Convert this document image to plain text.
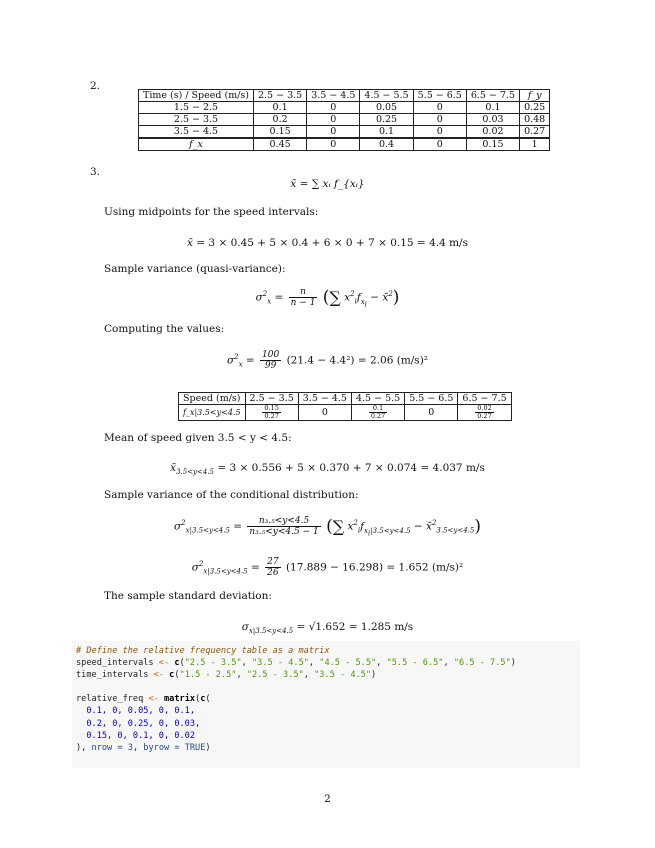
2.
Time (s) / Speed (m/s)	2.5 − 3.5	3.5 − 4.5	4.5 − 5.5	5.5 − 6.5	6.5 − 7.5	f_y
1.5 − 2.5	0.1	0	0.05	0	0.1	0.25
2.5 − 3.5	0.2	0	0.25	0	0.03	0.48
3.5 − 4.5	0.15	0	0.1	0	0.02	0.27
f_x	0.45	0	0.4	0	0.15	1
3.
x̄ = ∑ xᵢ f_{xᵢ}
Using midpoints for the speed intervals:
x̄ = 3 × 0.45 + 5 × 0.4 + 6 × 0 + 7 × 0.15 = 4.4 m/s
Sample variance (quasi-variance):
$\sigma^2_x = \frac{n}{n - 1}$ (∑ $x^2_if_{x_i}$ − x̄$^2$)
Computing the values:
$\sigma^2_x = \frac{100}{99} (21.4 - 4.4^2) = 2.06$ (m/s)²
Speed (m/s)	2.5 − 3.5	3.5 − 4.5	4.5 − 5.5	5.5 − 6.5	6.5 − 7.5
f_x|3.5<y<4.5	$\frac{0.15}{0.27}$	0	$\frac{0.1}{0.27}$	0	$\frac{0.02}{0.27}$
Mean of speed given 3.5 < y < 4.5:
$x̄_{3.5<y<4.5} = 3 \times 0.556 + 5 \times 0.370 + 7 \times 0.074 = 4.037$ m/s
Sample variance of the conditional distribution:
$\sigma^2_{x|3.5<y<4.5} = \frac{\text{n₃.₅<y<4.5}}{\text{n₃.₅<y<4.5 − 1}}$ (∑ $x^2_if_{x_i|3.5<y<4.5}$ − x̄$^2_{3.5<y<4.5}$)
$\sigma^2_{x|3.5<y<4.5} = \frac{27}{26} (17.889 - 16.298) = 1.652$ (m/s)²
The sample standard deviation:
$\sigma_{x|3.5<y<4.5} = √1.652 = 1.285$ m/s
# Define the relative frequency table as a matrix
speed_intervals <- c("2.5 - 3.5", "3.5 - 4.5", "4.5 - 5.5", "5.5 - 6.5", "6.5 - 7.5")
time_intervals <- c("1.5 - 2.5", "2.5 - 3.5", "3.5 - 4.5")

relative_freq <- matrix(c(
0.1, 0, 0.05, 0, 0.1,
0.2, 0, 0.25, 0, 0.03,
0.15, 0, 0.1, 0, 0.02
), nrow = 3, byrow = TRUE)
2
